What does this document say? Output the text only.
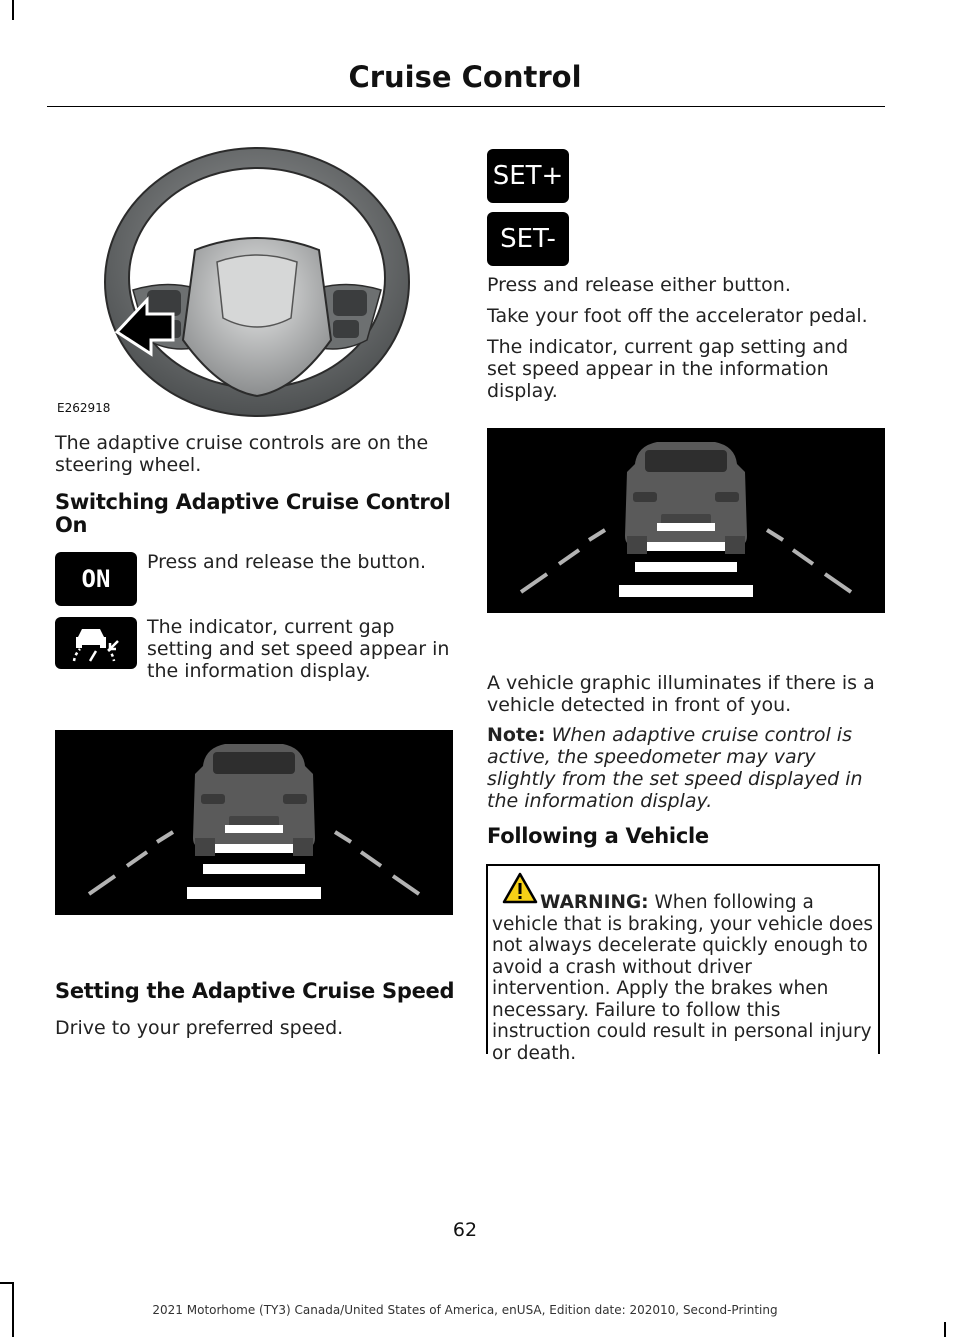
Cruise Control
E262918
The adaptive cruise controls are on the steering wheel.
Switching Adaptive Cruise Control On
ON
Press and release the button.
The indicator, current gap setting and set speed appear in the information display.
Setting the Adaptive Cruise Speed
Drive to your preferred speed.
SET+
SET-
Press and release either button.
Take your foot off the accelerator pedal.
The indicator, current gap setting and set speed appear in the information display.
A vehicle graphic illuminates if there is a vehicle detected in front of you.
Note: When adaptive cruise control is active, the speedometer may vary slightly from the set speed displayed in the information display.
Following a Vehicle
WARNING: When following a vehicle that is braking, your vehicle does not always decelerate quickly enough to avoid a crash without driver intervention. Apply the brakes when necessary. Failure to follow this instruction could result in personal injury or death.
62
2021 Motorhome (TY3) Canada/United States of America, enUSA, Edition date: 202010, Second-Printing
